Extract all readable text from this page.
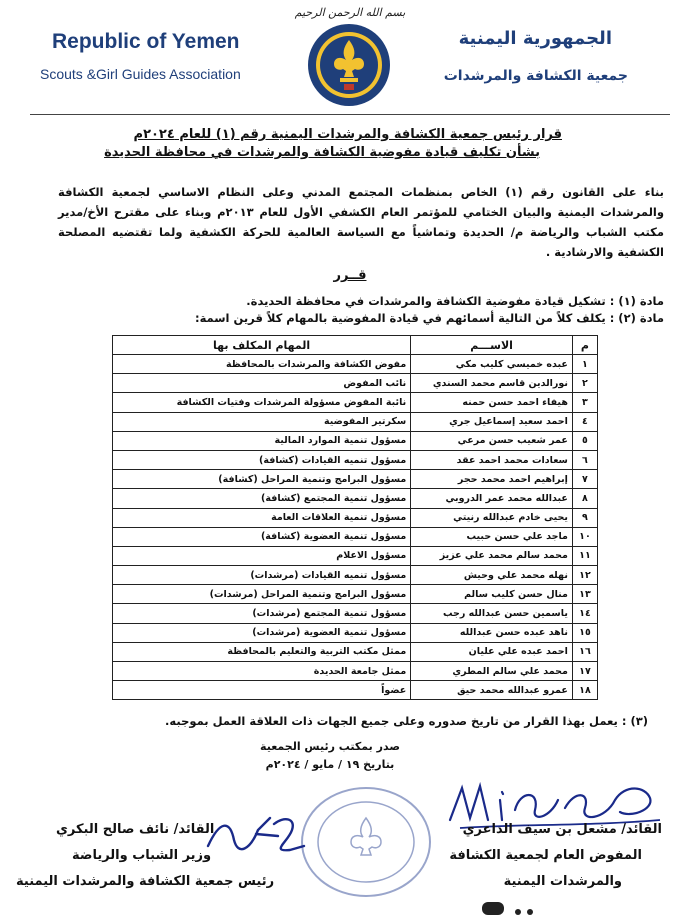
بسم الله الرحمن الرحيم
Republic of Yemen
Scouts &Girl Guides Association
الجمهورية اليمنية
جمعية الكشافة والمرشدات
قرار رئيس جمعية الكشافة والمرشدات اليمنية رقم (١) للعام ٢٠٢٤م
بشأن تكليف قيادة مفوضية الكشافة والمرشدات في محافظة الحديدة
بناء على القانون رقم (١) الخاص بمنظمات المجتمع المدني وعلى النظام الاساسي لجمعية الكشافة والمرشدات اليمنية والبيان الختامي للمؤتمر العام الكشفي الأول للعام ٢٠١٣م وبناء على مقترح الأخ/مدير مكتب الشباب والرياضة م/ الحديدة وتماشياً مع السياسة العالمية للحركة الكشفية ولما تقتضيه المصلحة الكشفية والارشادية .
قــرر
مادة (١) : تشكيل قيادة مفوضية الكشافة والمرشدات في محافظة الحديدة.
مادة (٢) : يكلف كلاً من التالية أسمائهم في قيادة المفوضية بالمهام كلاً قرين اسمة:
م	الاســـم	المهام المكلف بها
١	عبده خميسي كليب مكي	مفوض الكشافة والمرشدات بالمحافظة
٢	نورالدين قاسم محمد السندي	نائب المفوض
٣	هيفاء احمد حسن حمنه	نائبة المفوض مسؤولة المرشدات وفتيات الكشافة
٤	احمد سعيد إسماعيل جري	سكرتير المفوضية
٥	عمر شعيب حسن مرعي	مسؤول تنمية الموارد المالية
٦	سعادات محمد احمد عقد	مسؤول تنميه القيادات (كشافة)
٧	إبراهيم احمد محمد حجر	مسؤول البرامج وتنمية المراحل (كشافة)
٨	عبدالله محمد عمر الدروبي	مسؤول تنمية المجتمع (كشافة)
٩	يحيى خادم عبدالله رنيتي	مسؤول تنمية العلاقات العامة
١٠	ماجد علي حسن حبيب	مسؤول تنمية العضوية (كشافة)
١١	محمد سالم محمد علي عزيز	مسؤول الاعلام
١٢	نهله محمد علي وحيش	مسؤول تنميه القيادات (مرشدات)
١٣	منال حسن كليب سالم	مسؤول البرامج وتنمية المراحل (مرشدات)
١٤	ياسمين حسن عبدالله رجب	مسؤول تنمية المجتمع (مرشدات)
١٥	ناهد عبده حسن عبدالله	مسؤول تنمية العضوية (مرشدات)
١٦	احمد عبده علي عليان	ممثل مكتب التربية والتعليم بالمحافظة
١٧	محمد علي سالم المطري	ممثل جامعة الحديدة
١٨	عمرو عبدالله محمد حيق	عضواً
(٣) : يعمل بهذا القرار من تاريخ صدوره وعلى جميع الجهات ذات العلاقة العمل بموجبه.
صدر بمكتب رئيس الجمعية
بتاريخ ١٩ / مايو / ٢٠٢٤م
القائد/ مشعل بن سيف الداعري
المفوض العام لجمعية الكشافة
والمرشدات اليمنية
القائد/ نائف صالح البكري
وزير الشباب والرياضة
رئيس جمعية الكشافة والمرشدات اليمنية
